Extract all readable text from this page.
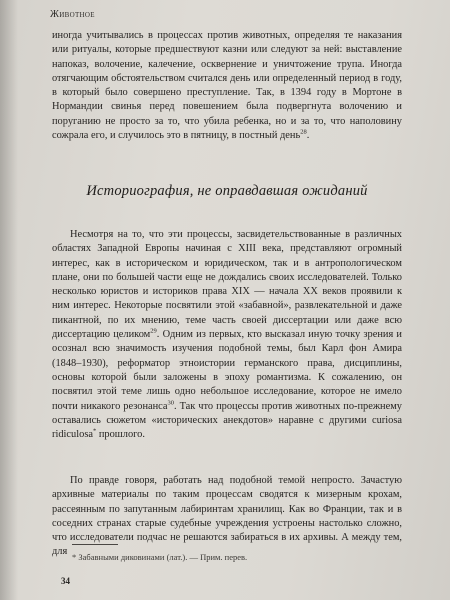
Животное

иногда учитывались в процессах против животных, определяя те наказания или ритуалы, которые предшествуют казни или следуют за ней: выставление напоказ, волочение, калечение, осквернение и уничтожение трупа. Иногда отягчающим обстоятельством считался день или определенный период в году, в который было совершено преступление. Так, в 1394 году в Мортоне в Нормандии свинья перед повешением была подвергнута волочению и поруганию не просто за то, что убила ребенка, но и за то, что наполовину сожрала его, и случилось это в пятницу, в постный день$^{28}$.

Историография, не оправдавшая ожиданий

Несмотря на то, что эти процессы, засвидетельствованные в различных областях Западной Европы начиная с XIII века, представляют огромный интерес, как в историческом и юридическом, так и в антропологическом плане, они по большей части еще не дождались своих исследователей. Только несколько юристов и историков права XIX — начала XX веков проявили к ним интерес. Некоторые посвятили этой «забавной», развлекательной и даже пикантной, по их мнению, теме часть своей диссертации или даже всю диссертацию целиком$^{29}$. Одним из первых, кто высказал иную точку зрения и осознал всю значимость изучения подобной темы, был Карл фон Амира (1848–1930), реформатор этноистории германского права, дисциплины, основы которой были заложены в эпоху романтизма. К сожалению, он посвятил этой теме лишь одно небольшое исследование, которое не имело почти никакого резонанса$^{30}$. Так что процессы против животных по-прежнему оставались сюжетом «исторических анекдотов» наравне с другими curiosa ridiculosa* прошлого.

По правде говоря, работать над подобной темой непросто. Зачастую архивные материалы по таким процессам сводятся к мизерным крохам, рассеянным по запутанным лабиринтам хранилищ. Как во Франции, так и в соседних странах старые судебные учреждения устроены настолько сложно, что исследователи подчас не решаются забираться в их архивы. А между тем, для * Забавными диковинами (лат.). — Прим. перев.
34
